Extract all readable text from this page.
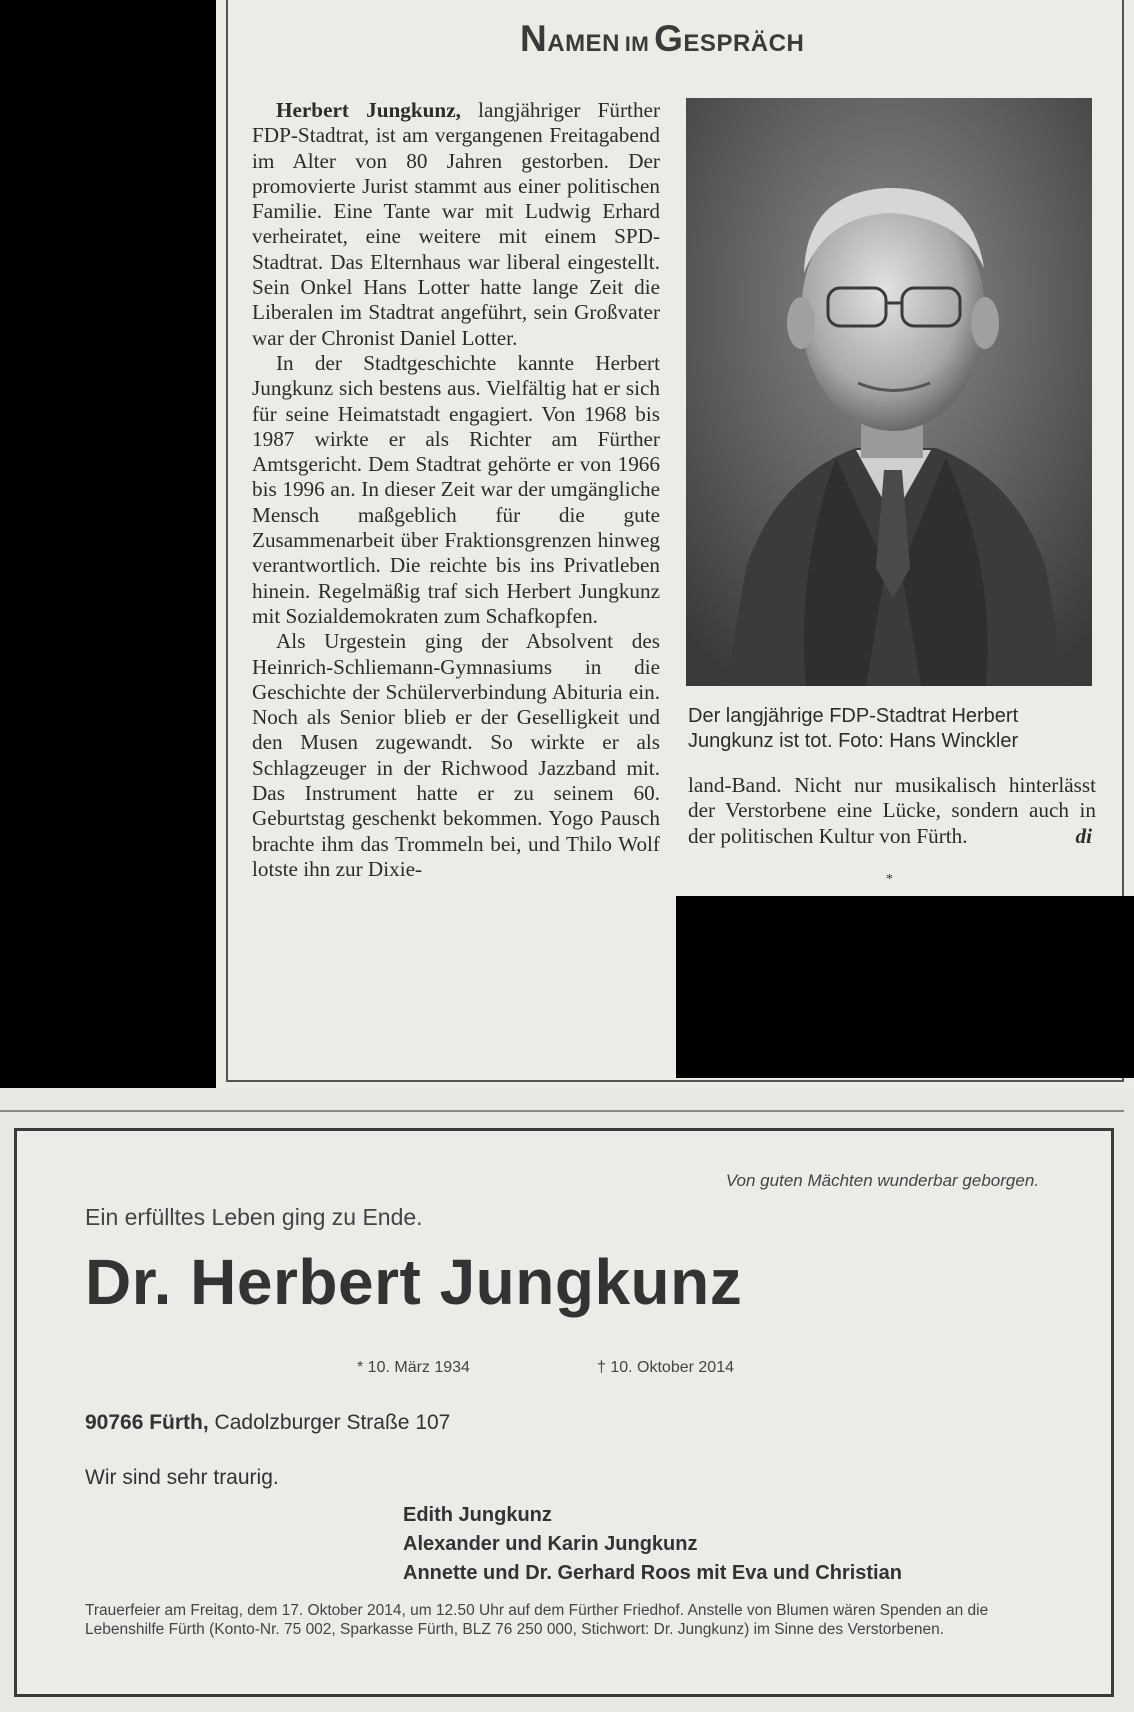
NAMEN IM GESPRÄCH

Herbert Jungkunz, langjähriger Fürther FDP-Stadtrat, ist am vergangenen Freitagabend im Alter von 80 Jahren gestorben. Der promovierte Jurist stammt aus einer politischen Familie. Eine Tante war mit Ludwig Erhard verheiratet, eine weitere mit einem SPD-Stadtrat. Das Elternhaus war liberal eingestellt. Sein Onkel Hans Lotter hatte lange Zeit die Liberalen im Stadtrat angeführt, sein Großvater war der Chronist Daniel Lotter.

In der Stadtgeschichte kannte Herbert Jungkunz sich bestens aus. Vielfältig hat er sich für seine Heimatstadt engagiert. Von 1968 bis 1987 wirkte er als Richter am Fürther Amtsgericht. Dem Stadtrat gehörte er von 1966 bis 1996 an. In dieser Zeit war der umgängliche Mensch maßgeblich für die gute Zusammenarbeit über Fraktionsgrenzen hinweg verantwortlich. Die reichte bis ins Privatleben hinein. Regelmäßig traf sich Herbert Jungkunz mit Sozialdemokraten zum Schafkopfen.

Als Urgestein ging der Absolvent des Heinrich-Schliemann-Gymnasiums in die Geschichte der Schülerverbindung Abituria ein. Noch als Senior blieb er der Geselligkeit und den Musen zugewandt. So wirkte er als Schlagzeuger in der Richwood Jazzband mit. Das Instrument hatte er zu seinem 60. Geburtstag geschenkt bekommen. Yogo Pausch brachte ihm das Trommeln bei, und Thilo Wolf lotste ihn zur Dixie-

Der langjährige FDP-Stadtrat Herbert Jungkunz ist tot. Foto: Hans Winckler

land-Band. Nicht nur musikalisch hinterlässt der Verstorbene eine Lücke, sondern auch in der politischen Kultur von Fürth.	di

*
Von guten Mächten wunderbar geborgen.
Ein erfülltes Leben ging zu Ende.
Dr. Herbert Jungkunz
* 10. März 1934	† 10. Oktober 2014
90766 Fürth, Cadolzburger Straße 107
Wir sind sehr traurig.
Edith Jungkunz
Alexander und Karin Jungkunz
Annette und Dr. Gerhard Roos mit Eva und Christian
Trauerfeier am Freitag, dem 17. Oktober 2014, um 12.50 Uhr auf dem Fürther Friedhof. Anstelle von Blumen wären Spenden an die Lebenshilfe Fürth (Konto-Nr. 75 002, Sparkasse Fürth, BLZ 76 250 000, Stichwort: Dr. Jungkunz) im Sinne des Verstorbenen.
